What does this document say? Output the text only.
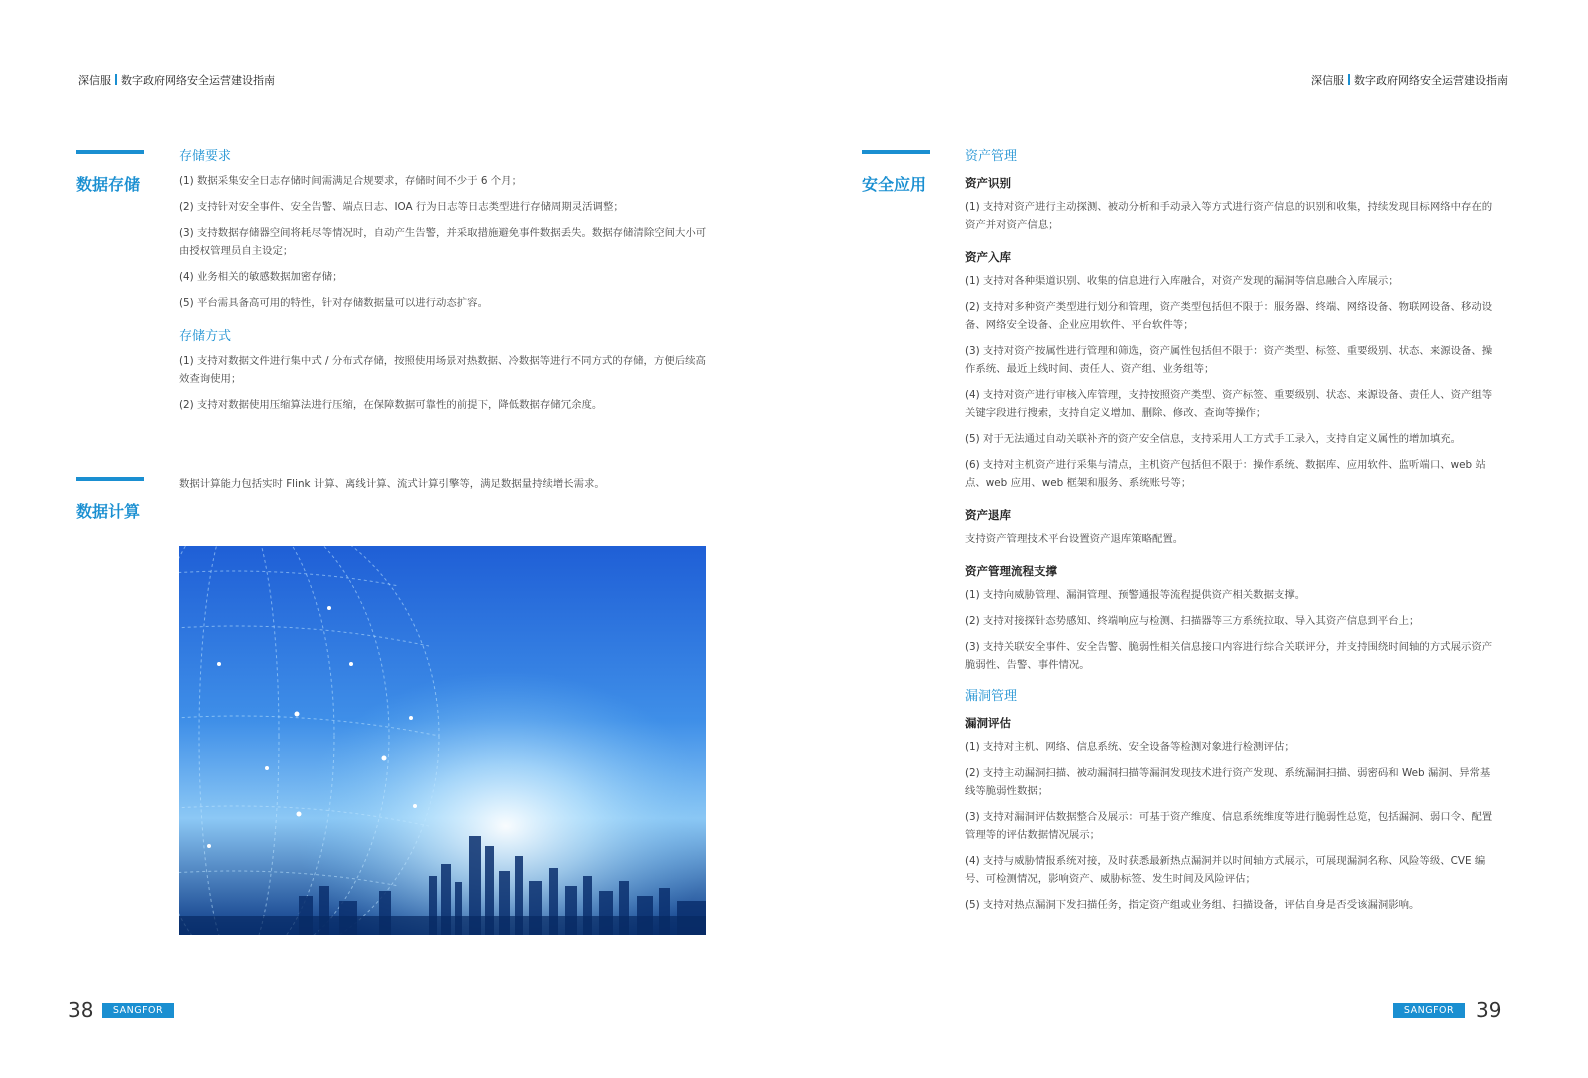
深信服 数字政府网络安全运营建设指南	深信服 数字政府网络安全运营建设指南
数据存储
存储要求

(1) 数据采集安全日志存储时间需满足合规要求，存储时间不少于 6 个月；

(2) 支持针对安全事件、安全告警、端点日志、IOA 行为日志等日志类型进行存储周期灵活调整；

(3) 支持数据存储器空间将耗尽等情况时，自动产生告警，并采取措施避免事件数据丢失。数据存储清除空间大小可由授权管理员自主设定；

(4) 业务相关的敏感数据加密存储；

(5) 平台需具备高可用的特性，针对存储数据量可以进行动态扩容。

存储方式

(1) 支持对数据文件进行集中式 / 分布式存储，按照使用场景对热数据、冷数据等进行不同方式的存储，方便后续高效查询使用；

(2) 支持对数据使用压缩算法进行压缩，在保障数据可靠性的前提下，降低数据存储冗余度。

数据计算

数据计算能力包括实时 Flink 计算、离线计算、流式计算引擎等，满足数据量持续增长需求。

38	SANGFOR
安全应用
资产管理
资产识别

(1) 支持对资产进行主动探测、被动分析和手动录入等方式进行资产信息的识别和收集，持续发现目标网络中存在的资产并对资产信息；

资产入库

(1) 支持对各种渠道识别、收集的信息进行入库融合，对资产发现的漏洞等信息融合入库展示；

(2) 支持对多种资产类型进行划分和管理，资产类型包括但不限于：服务器、终端、网络设备、物联网设备、移动设备、网络安全设备、企业应用软件、平台软件等；

(3) 支持对资产按属性进行管理和筛选，资产属性包括但不限于：资产类型、标签、重要级别、状态、来源设备、操作系统、最近上线时间、责任人、资产组、业务组等；

(4) 支持对资产进行审核入库管理，支持按照资产类型、资产标签、重要级别、状态、来源设备、责任人、资产组等关键字段进行搜索，支持自定义增加、删除、修改、查询等操作；

(5) 对于无法通过自动关联补齐的资产安全信息，支持采用人工方式手工录入，支持自定义属性的增加填充。

(6) 支持对主机资产进行采集与清点，主机资产包括但不限于：操作系统、数据库、应用软件、监听端口、web 站点、web 应用、web 框架和服务、系统账号等；

资产退库

支持资产管理技术平台设置资产退库策略配置。

资产管理流程支撑

(1) 支持向威胁管理、漏洞管理、预警通报等流程提供资产相关数据支撑。

(2) 支持对接探针态势感知、终端响应与检测、扫描器等三方系统拉取、导入其资产信息到平台上；

(3) 支持关联安全事件、安全告警、脆弱性相关信息接口内容进行综合关联评分，并支持围绕时间轴的方式展示资产脆弱性、告警、事件情况。

漏洞管理
漏洞评估

(1) 支持对主机、网络、信息系统、安全设备等检测对象进行检测评估；

(2) 支持主动漏洞扫描、被动漏洞扫描等漏洞发现技术进行资产发现、系统漏洞扫描、弱密码和 Web 漏洞、异常基线等脆弱性数据；

(3) 支持对漏洞评估数据整合及展示：可基于资产维度、信息系统维度等进行脆弱性总览，包括漏洞、弱口令、配置管理等的评估数据情况展示；

(4) 支持与威胁情报系统对接，及时获悉最新热点漏洞并以时间轴方式展示，可展现漏洞名称、风险等级、CVE 编号、可检测情况，影响资产、威胁标签、发生时间及风险评估；

(5) 支持对热点漏洞下发扫描任务，指定资产组或业务组、扫描设备，评估自身是否受该漏洞影响。

SANGFOR	39
